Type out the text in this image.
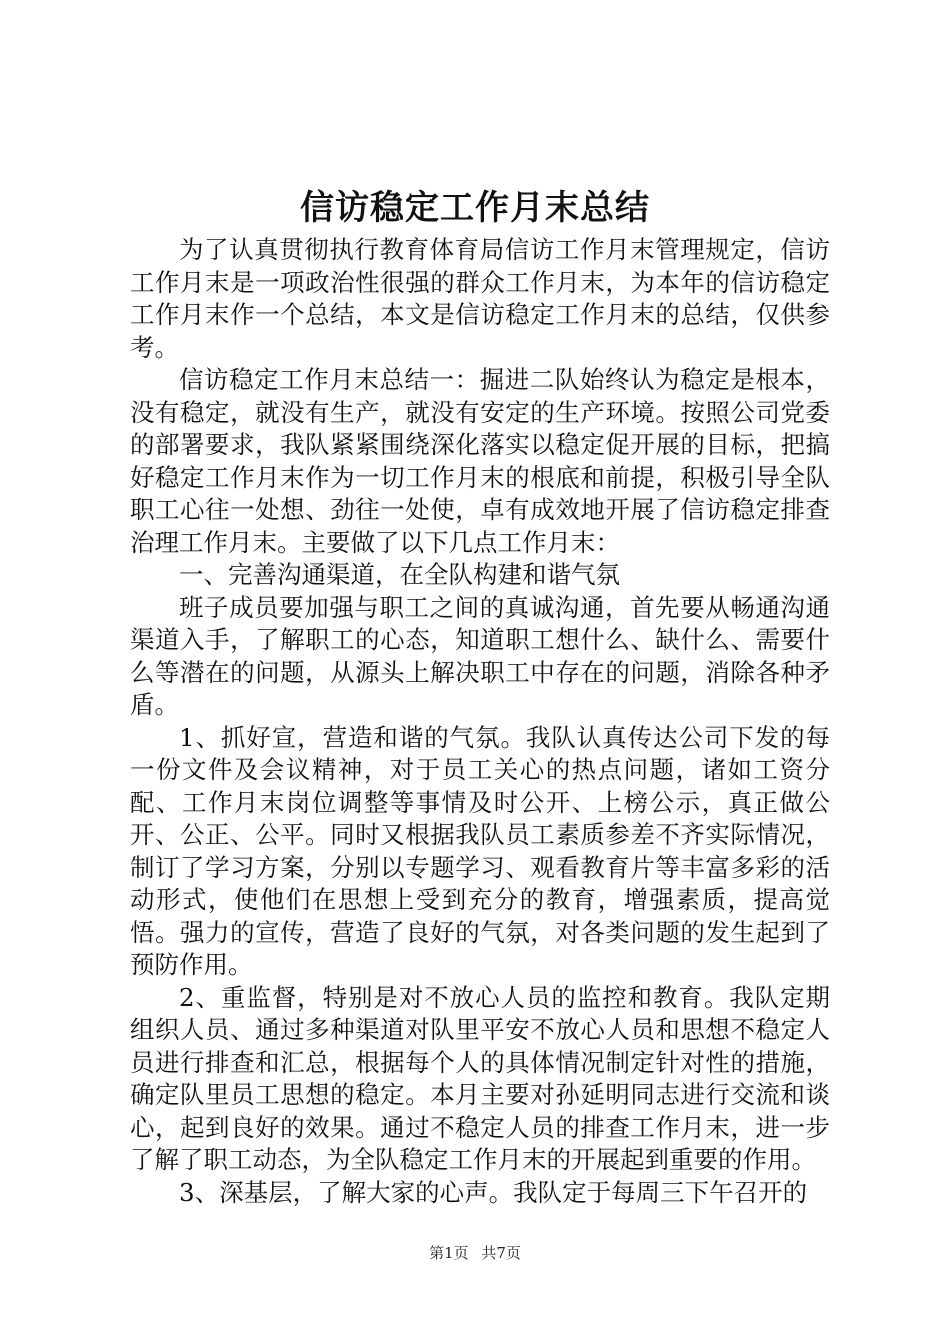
信访稳定工作月末总结

为了认真贯彻执行教育体育局信访工作月末管理规定，信访工作月末是一项政治性很强的群众工作月末，为本年的信访稳定工作月末作一个总结，本文是信访稳定工作月末的总结，仅供参考。

信访稳定工作月末总结一：掘进二队始终认为稳定是根本，没有稳定，就没有生产，就没有安定的生产环境。按照公司党委的部署要求，我队紧紧围绕深化落实以稳定促开展的目标，把搞好稳定工作月末作为一切工作月末的根底和前提，积极引导全队职工心往一处想、劲往一处使，卓有成效地开展了信访稳定排查治理工作月末。主要做了以下几点工作月末：

一、完善沟通渠道，在全队构建和谐气氛

班子成员要加强与职工之间的真诚沟通，首先要从畅通沟通渠道入手，了解职工的心态，知道职工想什么、缺什么、需要什么等潜在的问题，从源头上解决职工中存在的问题，消除各种矛盾。

1、抓好宣，营造和谐的气氛。我队认真传达公司下发的每一份文件及会议精神，对于员工关心的热点问题，诸如工资分配、工作月末岗位调整等事情及时公开、上榜公示，真正做公开、公正、公平。同时又根据我队员工素质参差不齐实际情况，制订了学习方案，分别以专题学习、观看教育片等丰富多彩的活动形式，使他们在思想上受到充分的教育，增强素质，提高觉悟。强力的宣传，营造了良好的气氛，对各类问题的发生起到了预防作用。

2、重监督，特别是对不放心人员的监控和教育。我队定期组织人员、通过多种渠道对队里平安不放心人员和思想不稳定人员进行排查和汇总，根据每个人的具体情况制定针对性的措施，确定队里员工思想的稳定。本月主要对孙延明同志进行交流和谈心，起到良好的效果。通过不稳定人员的排查工作月末，进一步了解了职工动态，为全队稳定工作月末的开展起到重要的作用。

3、深基层，了解大家的心声。我队定于每周三下午召开的

第1页 共7页
